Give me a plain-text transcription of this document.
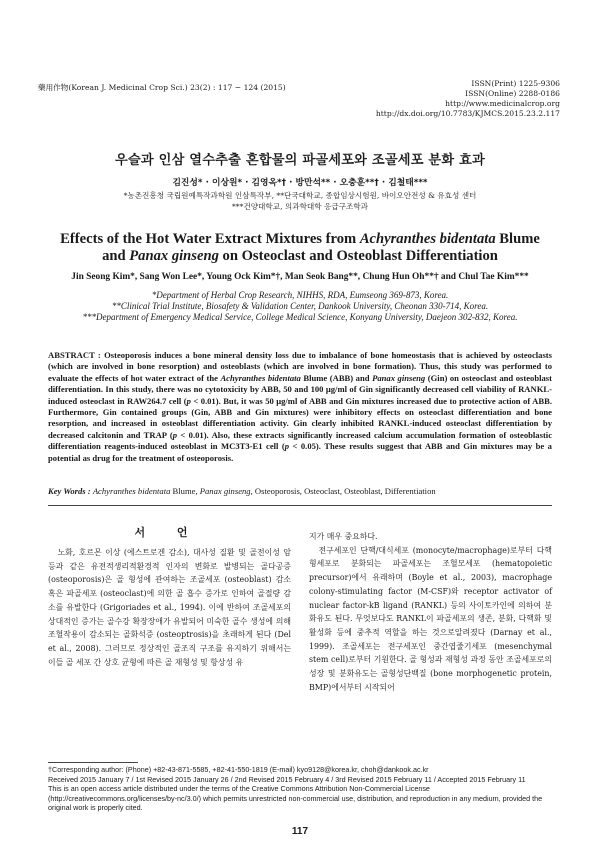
藥用作物(Korean J. Medicinal Crop Sci.) 23(2) : 117 − 124 (2015)	ISSN(Print) 1225-9306
ISSN(Online) 2288-0186
http://www.medicinalcrop.org
http://dx.doi.org/10.7783/KJMCS.2015.23.2.117
우슬과 인삼 열수추출 혼합물의 파골세포와 조골세포 분화 효과
김진성* · 이상원* · 김영옥*† · 방만석** · 오충훈**† · 김철태***
*농촌진흥청 국립원예특작과학원 인삼특작부, **단국대학교, 종합임상시험원, 바이오안전성 & 유효성 센터
***건양대학교, 의과학대학 응급구조학과
Effects of the Hot Water Extract Mixtures from Achyranthes bidentata Blume
and Panax ginseng on Osteoclast and Osteoblast Differentiation
Jin Seong Kim*, Sang Won Lee*, Young Ock Kim*†, Man Seok Bang**, Chung Hun Oh**† and Chul Tae Kim***
*Department of Herbal Crop Research, NIHHS, RDA, Eumseong 369-873, Korea.
**Clinical Trial Institute, Biosafety & Validation Center, Dankook University, Cheonan 330-714, Korea.
***Department of Emergency Medical Service, College Medical Science, Konyang University, Daejeon 302-832, Korea.
ABSTRACT : Osteoporosis induces a bone mineral density loss due to imbalance of bone homeostasis that is achieved by osteoclasts (which are involved in bone resorption) and osteoblasts (which are involved in bone formation). Thus, this study was performed to evaluate the effects of hot water extract of the Achyranthes bidentata Blume (ABB) and Panax ginseng (Gin) on osteoclast and osteoblast differentiation. In this study, there was no cytotoxicity by ABB, 50 and 100 μg/ml of Gin significantly decreased cell viability of RANKL-induced osteoclast in RAW264.7 cell (p < 0.01). But, it was 50 μg/ml of ABB and Gin mixtures increased due to protective action of ABB. Furthermore, Gin contained groups (Gin, ABB and Gin mixtures) were inhibitory effects on osteoclast differentiation and bone resorption, and increased in osteoblast differentiation activity. Gin clearly inhibited RANKL-induced osteoclast differentiation by decreased calcitonin and TRAP (p < 0.01). Also, these extracts significantly increased calcium accumulation formation of osteoblastic differentiation reagents-induced osteoblast in MC3T3-E1 cell (p < 0.05). These results suggest that ABB and Gin mixtures may be a potential as drug for the treatment of osteoporosis.
Key Words : Achyranthes bidentata Blume, Panax ginseng, Osteoporosis, Osteoclast, Osteoblast, Differentiation
서 언

노화, 호르몬 이상 (에스트로겐 감소), 대사성 질환 및 골전이성 암 등과 같은 유전적생리적환경적 인자의 변화로 발병되는 골다공증 (osteoporosis)은 골 형성에 관여하는 조골세포 (osteoblast) 감소 혹은 파골세포 (osteoclast)에 의한 골 흡수 증가로 인하여 골절량 감소를 유발한다 (Grigoriades et al., 1994). 이에 반하여 조골세포의 상대적인 증가는 골수강 확장장애가 유발되어 미숙한 골수 생성에 의해 조혈작용이 감소되는 골화석증 (osteoptrosis)을 초래하게 된다 (Del et al., 2008). 그러므로 정상적인 골조직 구조를 유지하기 위해서는 이들 골 세포 간 상호 균형에 따른 골 재형성 및 항상성 유

지가 매우 중요하다.

전구세포인 단핵/대식세포 (monocyte/macrophage)로부터 다핵형세포로 분화되는 파골세포는 조혈모세포 (hematopoietic precursor)에서 유래하며 (Boyle et al., 2003), macrophage colony-stimulating factor (M-CSF)와 receptor activator of nuclear factor-kB ligand (RANKL) 등의 사이토카인에 의하여 분화유도 된다. 무엇보다도 RANKL이 파골세포의 생존, 분화, 다핵화 및 활성화 등에 중추적 역할을 하는 것으로알려졌다 (Darnay et al., 1999). 조골세포는 전구세포인 중간엽줄기세포 (mesenchymal stem cell)로부터 기원한다. 골 형성과 재형성 과정 동안 조골세포로의 성장 및 분화유도는 골형성단백질 (bone morphogenetic protein, BMP)에서부터 시작되어

†Corresponding author: (Phone) +82-43-871-5585, +82-41-550-1819 (E-mail) kyo9128@korea.kr, choh@dankook.ac.kr
Received 2015 January 7 / 1st Revised 2015 January 26 / 2nd Revised 2015 February 4 / 3rd Revised 2015 February 11 / Accepted 2015 February 11
This is an open access article distributed under the terms of the Creative Commons Attribution Non-Commercial License (http://creativecommons.org/licenses/by-nc/3.0/) which permits unrestricted non-commercial use, distribution, and reproduction in any medium, provided the original work is properly cited.
117
